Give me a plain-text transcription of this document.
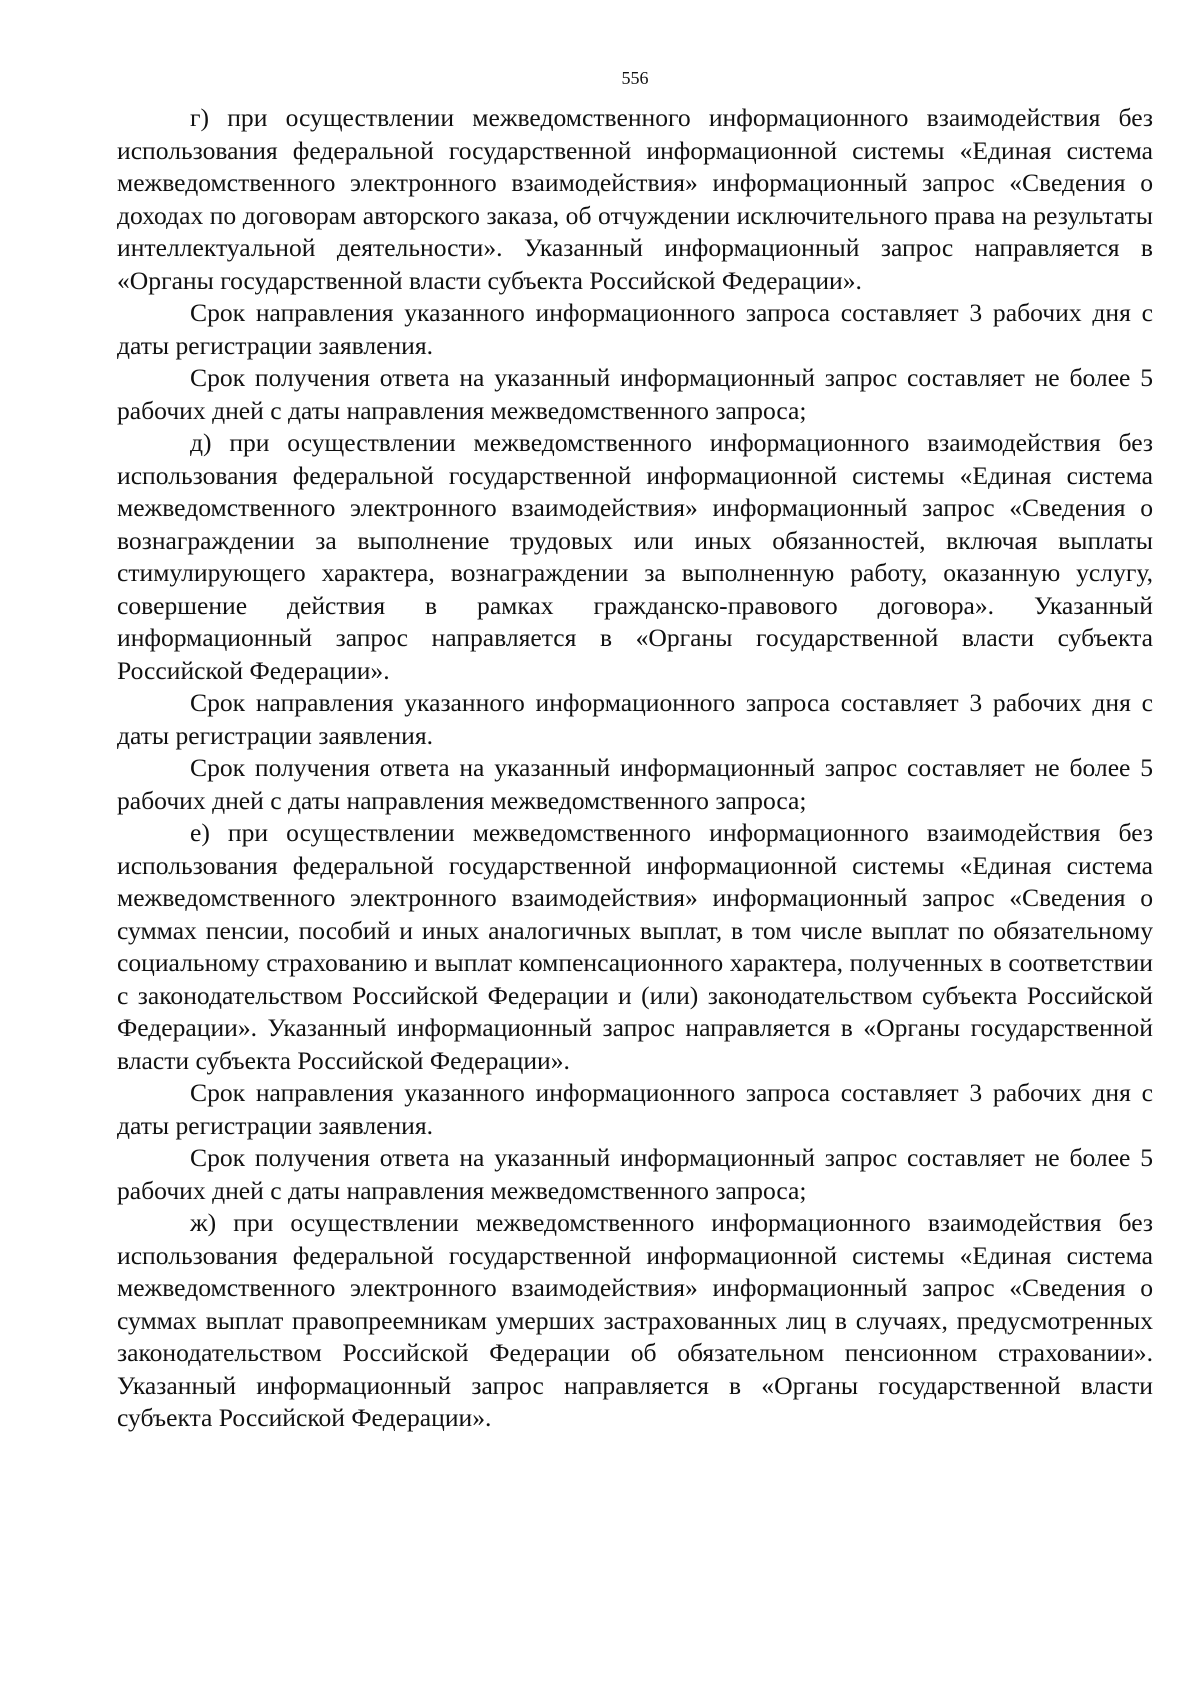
556

г) при осуществлении межведомственного информационного взаимодействия без использования федеральной государственной информационной системы «Единая система межведомственного электронного взаимодействия» информационный запрос «Сведения о доходах по договорам авторского заказа, об отчуждении исключительного права на результаты интеллектуальной деятельности». Указанный информационный запрос направляется в «Органы государственной власти субъекта Российской Федерации».

Срок направления указанного информационного запроса составляет 3 рабочих дня с даты регистрации заявления.

Срок получения ответа на указанный информационный запрос составляет не более 5 рабочих дней с даты направления межведомственного запроса;

д) при осуществлении межведомственного информационного взаимодействия без использования федеральной государственной информационной системы «Единая система межведомственного электронного взаимодействия» информационный запрос «Сведения о вознаграждении за выполнение трудовых или иных обязанностей, включая выплаты стимулирующего характера, вознаграждении за выполненную работу, оказанную услугу, совершение действия в рамках гражданско-правового договора». Указанный информационный запрос направляется в «Органы государственной власти субъекта Российской Федерации».

Срок направления указанного информационного запроса составляет 3 рабочих дня с даты регистрации заявления.

Срок получения ответа на указанный информационный запрос составляет не более 5 рабочих дней с даты направления межведомственного запроса;

е) при осуществлении межведомственного информационного взаимодействия без использования федеральной государственной информационной системы «Единая система межведомственного электронного взаимодействия» информационный запрос «Сведения о суммах пенсии, пособий и иных аналогичных выплат, в том числе выплат по обязательному социальному страхованию и выплат компенсационного характера, полученных в соответствии с законодательством Российской Федерации и (или) законодательством субъекта Российской Федерации». Указанный информационный запрос направляется в «Органы государственной власти субъекта Российской Федерации».

Срок направления указанного информационного запроса составляет 3 рабочих дня с даты регистрации заявления.

Срок получения ответа на указанный информационный запрос составляет не более 5 рабочих дней с даты направления межведомственного запроса;

ж) при осуществлении межведомственного информационного взаимодействия без использования федеральной государственной информационной системы «Единая система межведомственного электронного взаимодействия» информационный запрос «Сведения о суммах выплат правопреемникам умерших застрахованных лиц в случаях, предусмотренных законодательством Российской Федерации об обязательном пенсионном страховании». Указанный информационный запрос направляется в «Органы государственной власти субъекта Российской Федерации».
